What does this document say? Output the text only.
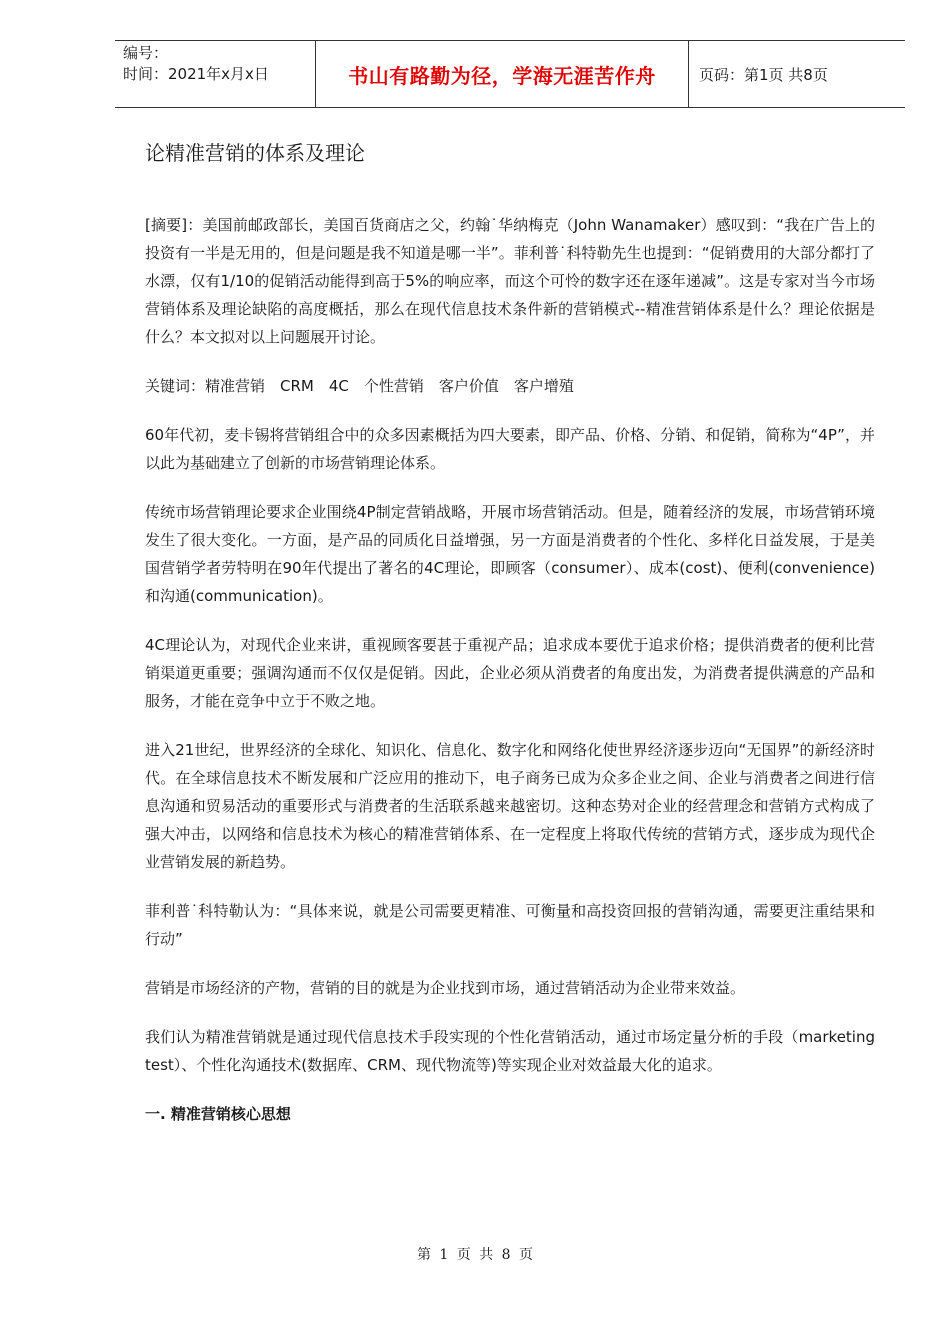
编号：
时间：2021年x月x日	书山有路勤为径，学海无涯苦作舟	页码：第1页 共8页
论精准营销的体系及理论

[摘要]：美国前邮政部长，美国百货商店之父，约翰˙华纳梅克（John Wanamaker）感叹到：“我在广告上的投资有一半是无用的，但是问题是我不知道是哪一半”。菲利普˙科特勒先生也提到：“促销费用的大部分都打了水漂，仅有1/10的促销活动能得到高于5%的响应率，而这个可怜的数字还在逐年递减”。这是专家对当今市场营销体系及理论缺陷的高度概括，那么在现代信息技术条件新的营销模式--精准营销体系是什么？理论依据是什么？本文拟对以上问题展开讨论。

关键词：精准营销　CRM　4C　个性营销　客户价值　客户增殖

60年代初，麦卡锡将营销组合中的众多因素概括为四大要素，即产品、价格、分销、和促销，简称为“4P”，并以此为基础建立了创新的市场营销理论体系。

传统市场营销理论要求企业围绕4P制定营销战略，开展市场营销活动。但是，随着经济的发展，市场营销环境发生了很大变化。一方面，是产品的同质化日益增强，另一方面是消费者的个性化、多样化日益发展，于是美国营销学者劳特明在90年代提出了著名的4C理论，即顾客（consumer）、成本(cost)、便利(convenience)和沟通(communication)。

4C理论认为，对现代企业来讲，重视顾客要甚于重视产品；追求成本要优于追求价格；提供消费者的便利比营销渠道更重要；强调沟通而不仅仅是促销。因此，企业必须从消费者的角度出发，为消费者提供满意的产品和服务，才能在竞争中立于不败之地。

进入21世纪，世界经济的全球化、知识化、信息化、数字化和网络化使世界经济逐步迈向“无国界”的新经济时代。在全球信息技术不断发展和广泛应用的推动下，电子商务已成为众多企业之间、企业与消费者之间进行信息沟通和贸易活动的重要形式与消费者的生活联系越来越密切。这种态势对企业的经营理念和营销方式构成了强大冲击，以网络和信息技术为核心的精准营销体系、在一定程度上将取代传统的营销方式，逐步成为现代企业营销发展的新趋势。

菲利普˙科特勒认为：“具体来说，就是公司需要更精准、可衡量和高投资回报的营销沟通，需要更注重结果和行动”

营销是市场经济的产物，营销的目的就是为企业找到市场，通过营销活动为企业带来效益。

我们认为精准营销就是通过现代信息技术手段实现的个性化营销活动，通过市场定量分析的手段（marketing test）、个性化沟通技术(数据库、CRM、现代物流等)等实现企业对效益最大化的追求。

一. 精准营销核心思想
第 1 页 共 8 页
